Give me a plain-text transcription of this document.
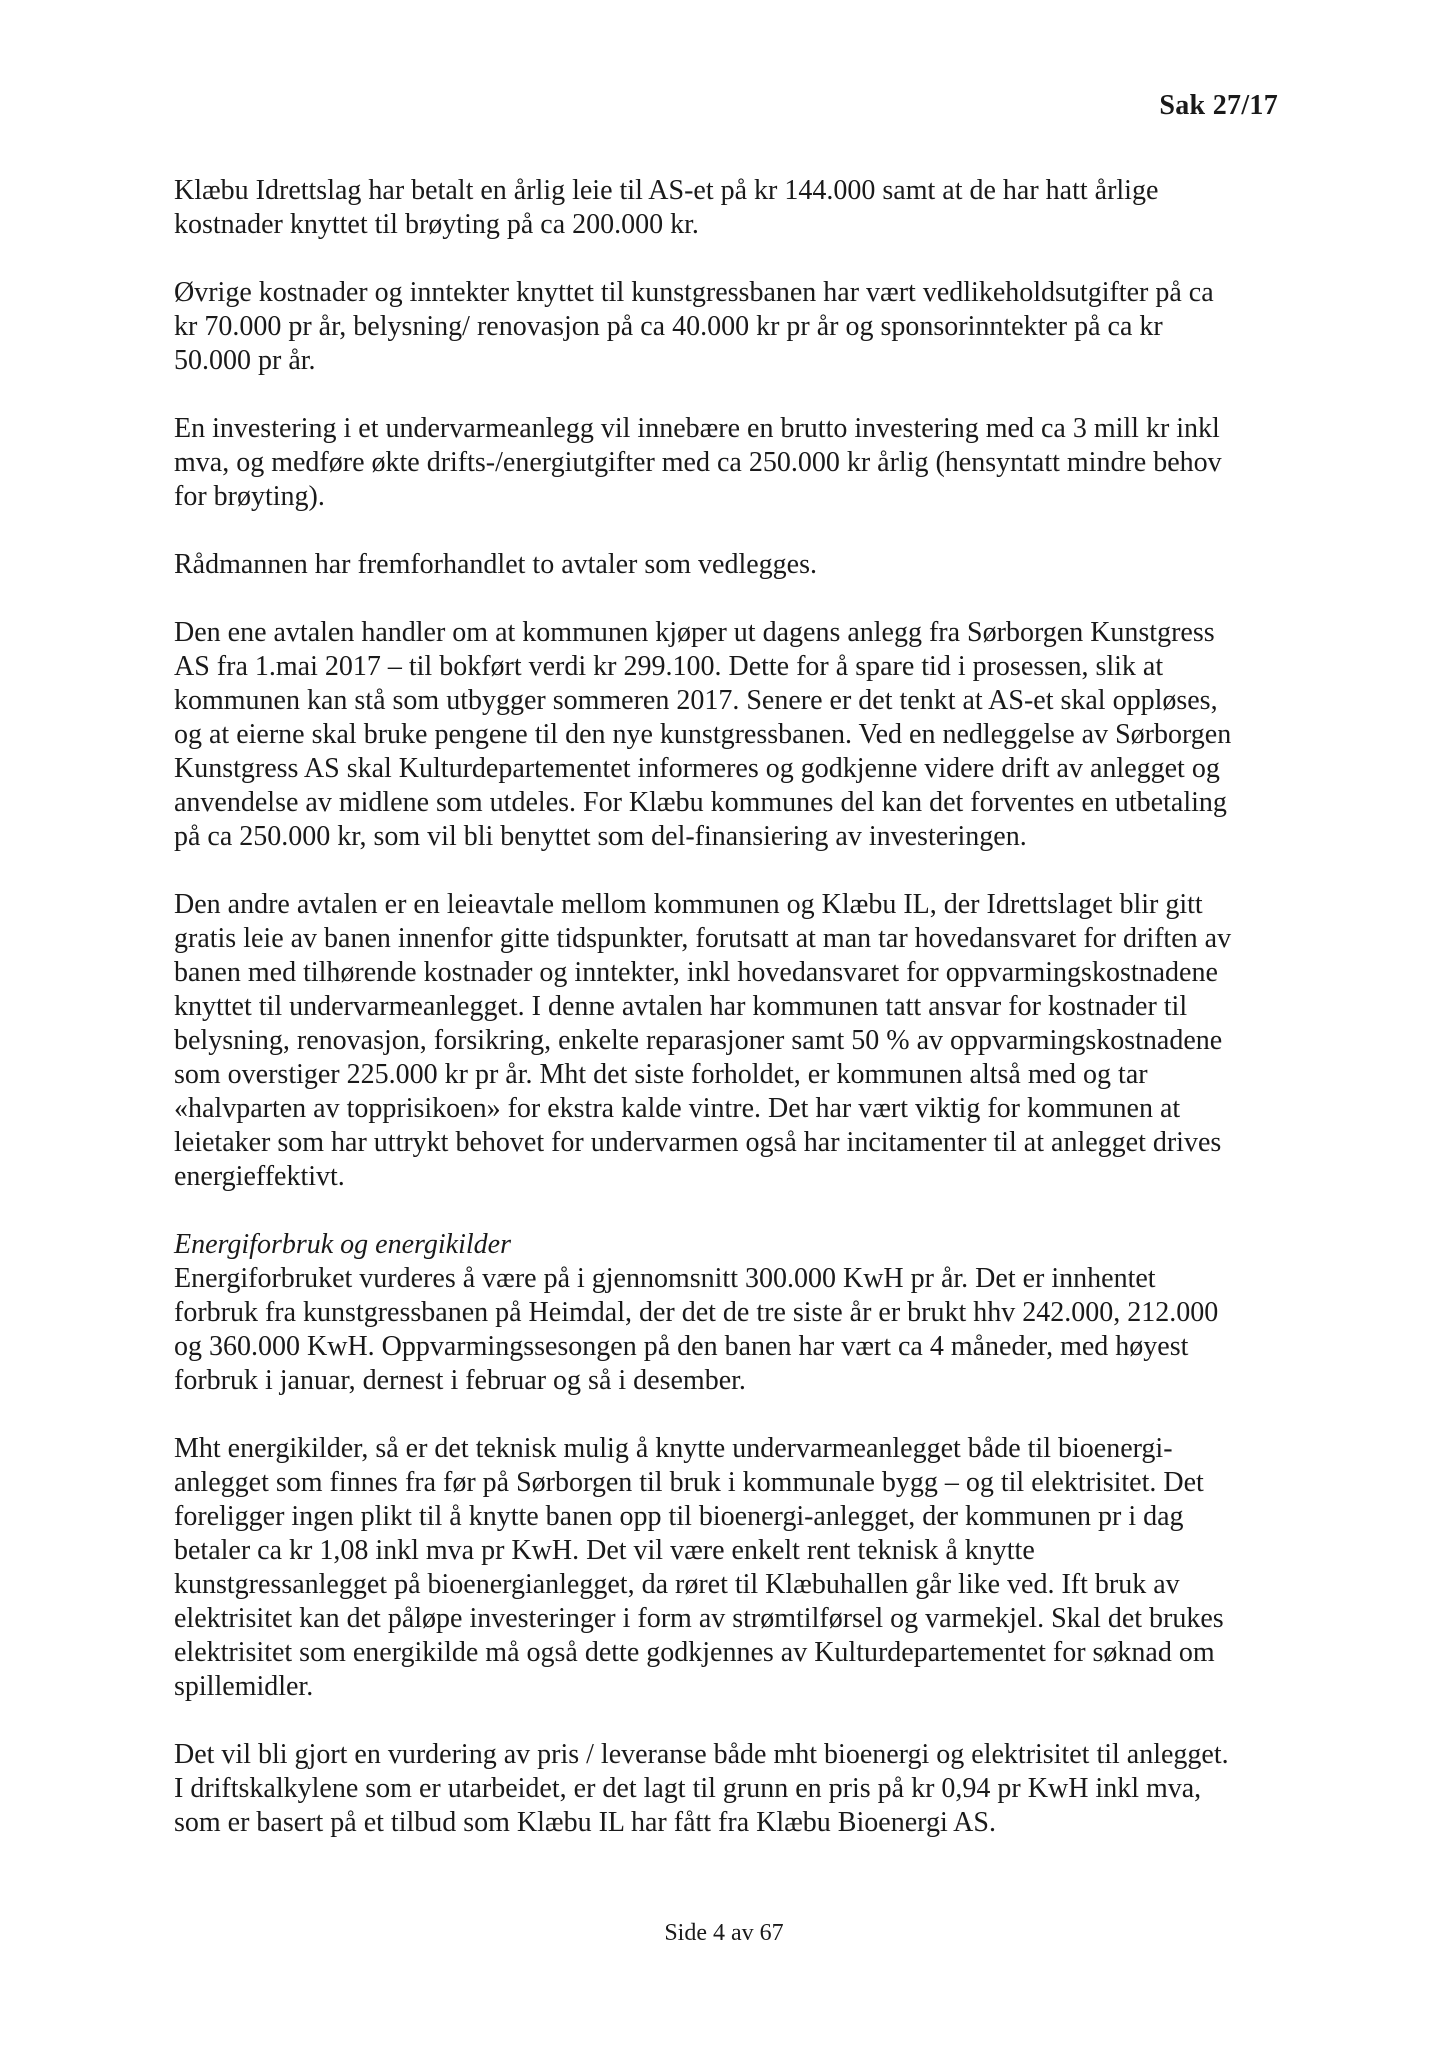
Sak 27/17

Klæbu Idrettslag har betalt en årlig leie til AS-et på kr 144.000 samt at de har hatt årlige
kostnader knyttet til brøyting på ca 200.000 kr.

Øvrige kostnader og inntekter knyttet til kunstgressbanen har vært vedlikeholdsutgifter på ca
kr 70.000 pr år, belysning/ renovasjon på ca 40.000 kr pr år og sponsorinntekter på ca kr
50.000 pr år.

En investering i et undervarmeanlegg vil innebære en brutto investering med ca 3 mill kr inkl
mva, og medføre økte drifts-/energiutgifter med ca 250.000 kr årlig (hensyntatt mindre behov
for brøyting).

Rådmannen har fremforhandlet to avtaler som vedlegges.

Den ene avtalen handler om at kommunen kjøper ut dagens anlegg fra Sørborgen Kunstgress
AS fra 1.mai 2017 – til bokført verdi kr 299.100. Dette for å spare tid i prosessen, slik at
kommunen kan stå som utbygger sommeren 2017. Senere er det tenkt at AS-et skal oppløses,
og at eierne skal bruke pengene til den nye kunstgressbanen. Ved en nedleggelse av Sørborgen
Kunstgress AS skal Kulturdepartementet informeres og godkjenne videre drift av anlegget og
anvendelse av midlene som utdeles. For Klæbu kommunes del kan det forventes en utbetaling
på ca 250.000 kr, som vil bli benyttet som del-finansiering av investeringen.

Den andre avtalen er en leieavtale mellom kommunen og Klæbu IL, der Idrettslaget blir gitt
gratis leie av banen innenfor gitte tidspunkter, forutsatt at man tar hovedansvaret for driften av
banen med tilhørende kostnader og inntekter, inkl hovedansvaret for oppvarmingskostnadene
knyttet til undervarmeanlegget. I denne avtalen har kommunen tatt ansvar for kostnader til
belysning, renovasjon, forsikring, enkelte reparasjoner samt 50 % av oppvarmingskostnadene
som overstiger 225.000 kr pr år. Mht det siste forholdet, er kommunen altså med og tar
«halvparten av topprisikoen» for ekstra kalde vintre. Det har vært viktig for kommunen at
leietaker som har uttrykt behovet for undervarmen også har incitamenter til at anlegget drives
energieffektivt.

Energiforbruk og energikilder

Energiforbruket vurderes å være på i gjennomsnitt 300.000 KwH pr år. Det er innhentet
forbruk fra kunstgressbanen på Heimdal, der det de tre siste år er brukt hhv 242.000, 212.000
og 360.000 KwH. Oppvarmingssesongen på den banen har vært ca 4 måneder, med høyest
forbruk i januar, dernest i februar og så i desember.

Mht energikilder, så er det teknisk mulig å knytte undervarmeanlegget både til bioenergi-
anlegget som finnes fra før på Sørborgen til bruk i kommunale bygg – og til elektrisitet. Det
foreligger ingen plikt til å knytte banen opp til bioenergi-anlegget, der kommunen pr i dag
betaler ca kr 1,08 inkl mva pr KwH. Det vil være enkelt rent teknisk å knytte
kunstgressanlegget på bioenergianlegget, da røret til Klæbuhallen går like ved. Ift bruk av
elektrisitet kan det påløpe investeringer i form av strømtilførsel og varmekjel. Skal det brukes
elektrisitet som energikilde må også dette godkjennes av Kulturdepartementet for søknad om
spillemidler.

Det vil bli gjort en vurdering av pris / leveranse både mht bioenergi og elektrisitet til anlegget.
I driftskalkylene som er utarbeidet, er det lagt til grunn en pris på kr 0,94 pr KwH inkl mva,
som er basert på et tilbud som Klæbu IL har fått fra Klæbu Bioenergi AS.

Side 4 av 67
